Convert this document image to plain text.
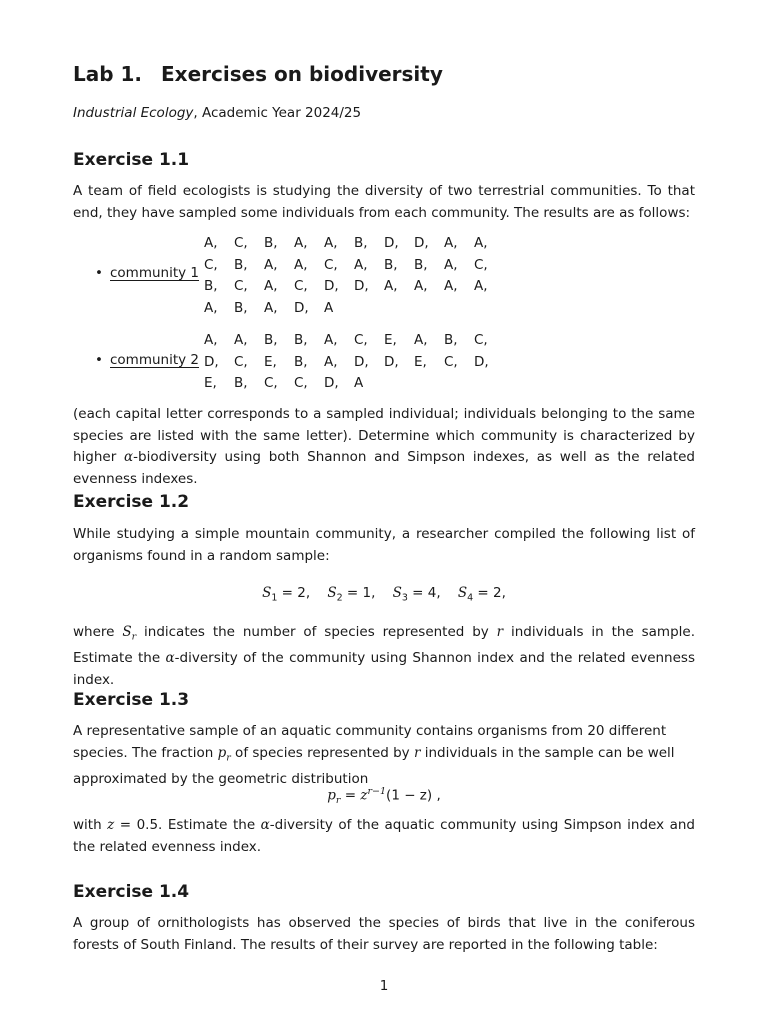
Lab 1. Exercises on biodiversity
Industrial Ecology, Academic Year 2024/25
Exercise 1.1
A team of field ecologists is studying the diversity of two terrestrial communities. To that end, they have sampled some individuals from each community. The results are as follows:
• community 1
A, C, B, A, A, B, D, D, A, A,
C, B, A, A, C, A, B, B, A, C,
B, C, A, C, D, D, A, A, A, A,
A, B, A, D, A
• community 2
A, A, B, B, A, C, E, A, B, C,
D, C, E, B, A, D, D, E, C, D,
E, B, C, C, D, A
(each capital letter corresponds to a sampled individual; individuals belonging to the same species are listed with the same letter). Determine which community is characterized by higher α-biodiversity using both Shannon and Simpson indexes, as well as the related evenness indexes.
Exercise 1.2
While studying a simple mountain community, a researcher compiled the following list of organisms found in a random sample:
$S_1 = 2$, $S_2 = 1$, $S_3 = 4$, $S_4 = 2$,
where $S_r$ indicates the number of species represented by r individuals in the sample. Estimate the α-diversity of the community using Shannon index and the related evenness index.
Exercise 1.3
A representative sample of an aquatic community contains organisms from 20 different species. The fraction $p_r$ of species represented by r individuals in the sample can be well approximated by the geometric distribution
$p_r = z^{r-1}(1 - z)$ ,
with z = 0.5. Estimate the α-diversity of the aquatic community using Simpson index and the related evenness index.
Exercise 1.4
A group of ornithologists has observed the species of birds that live in the coniferous forests of South Finland. The results of their survey are reported in the following table:
1
